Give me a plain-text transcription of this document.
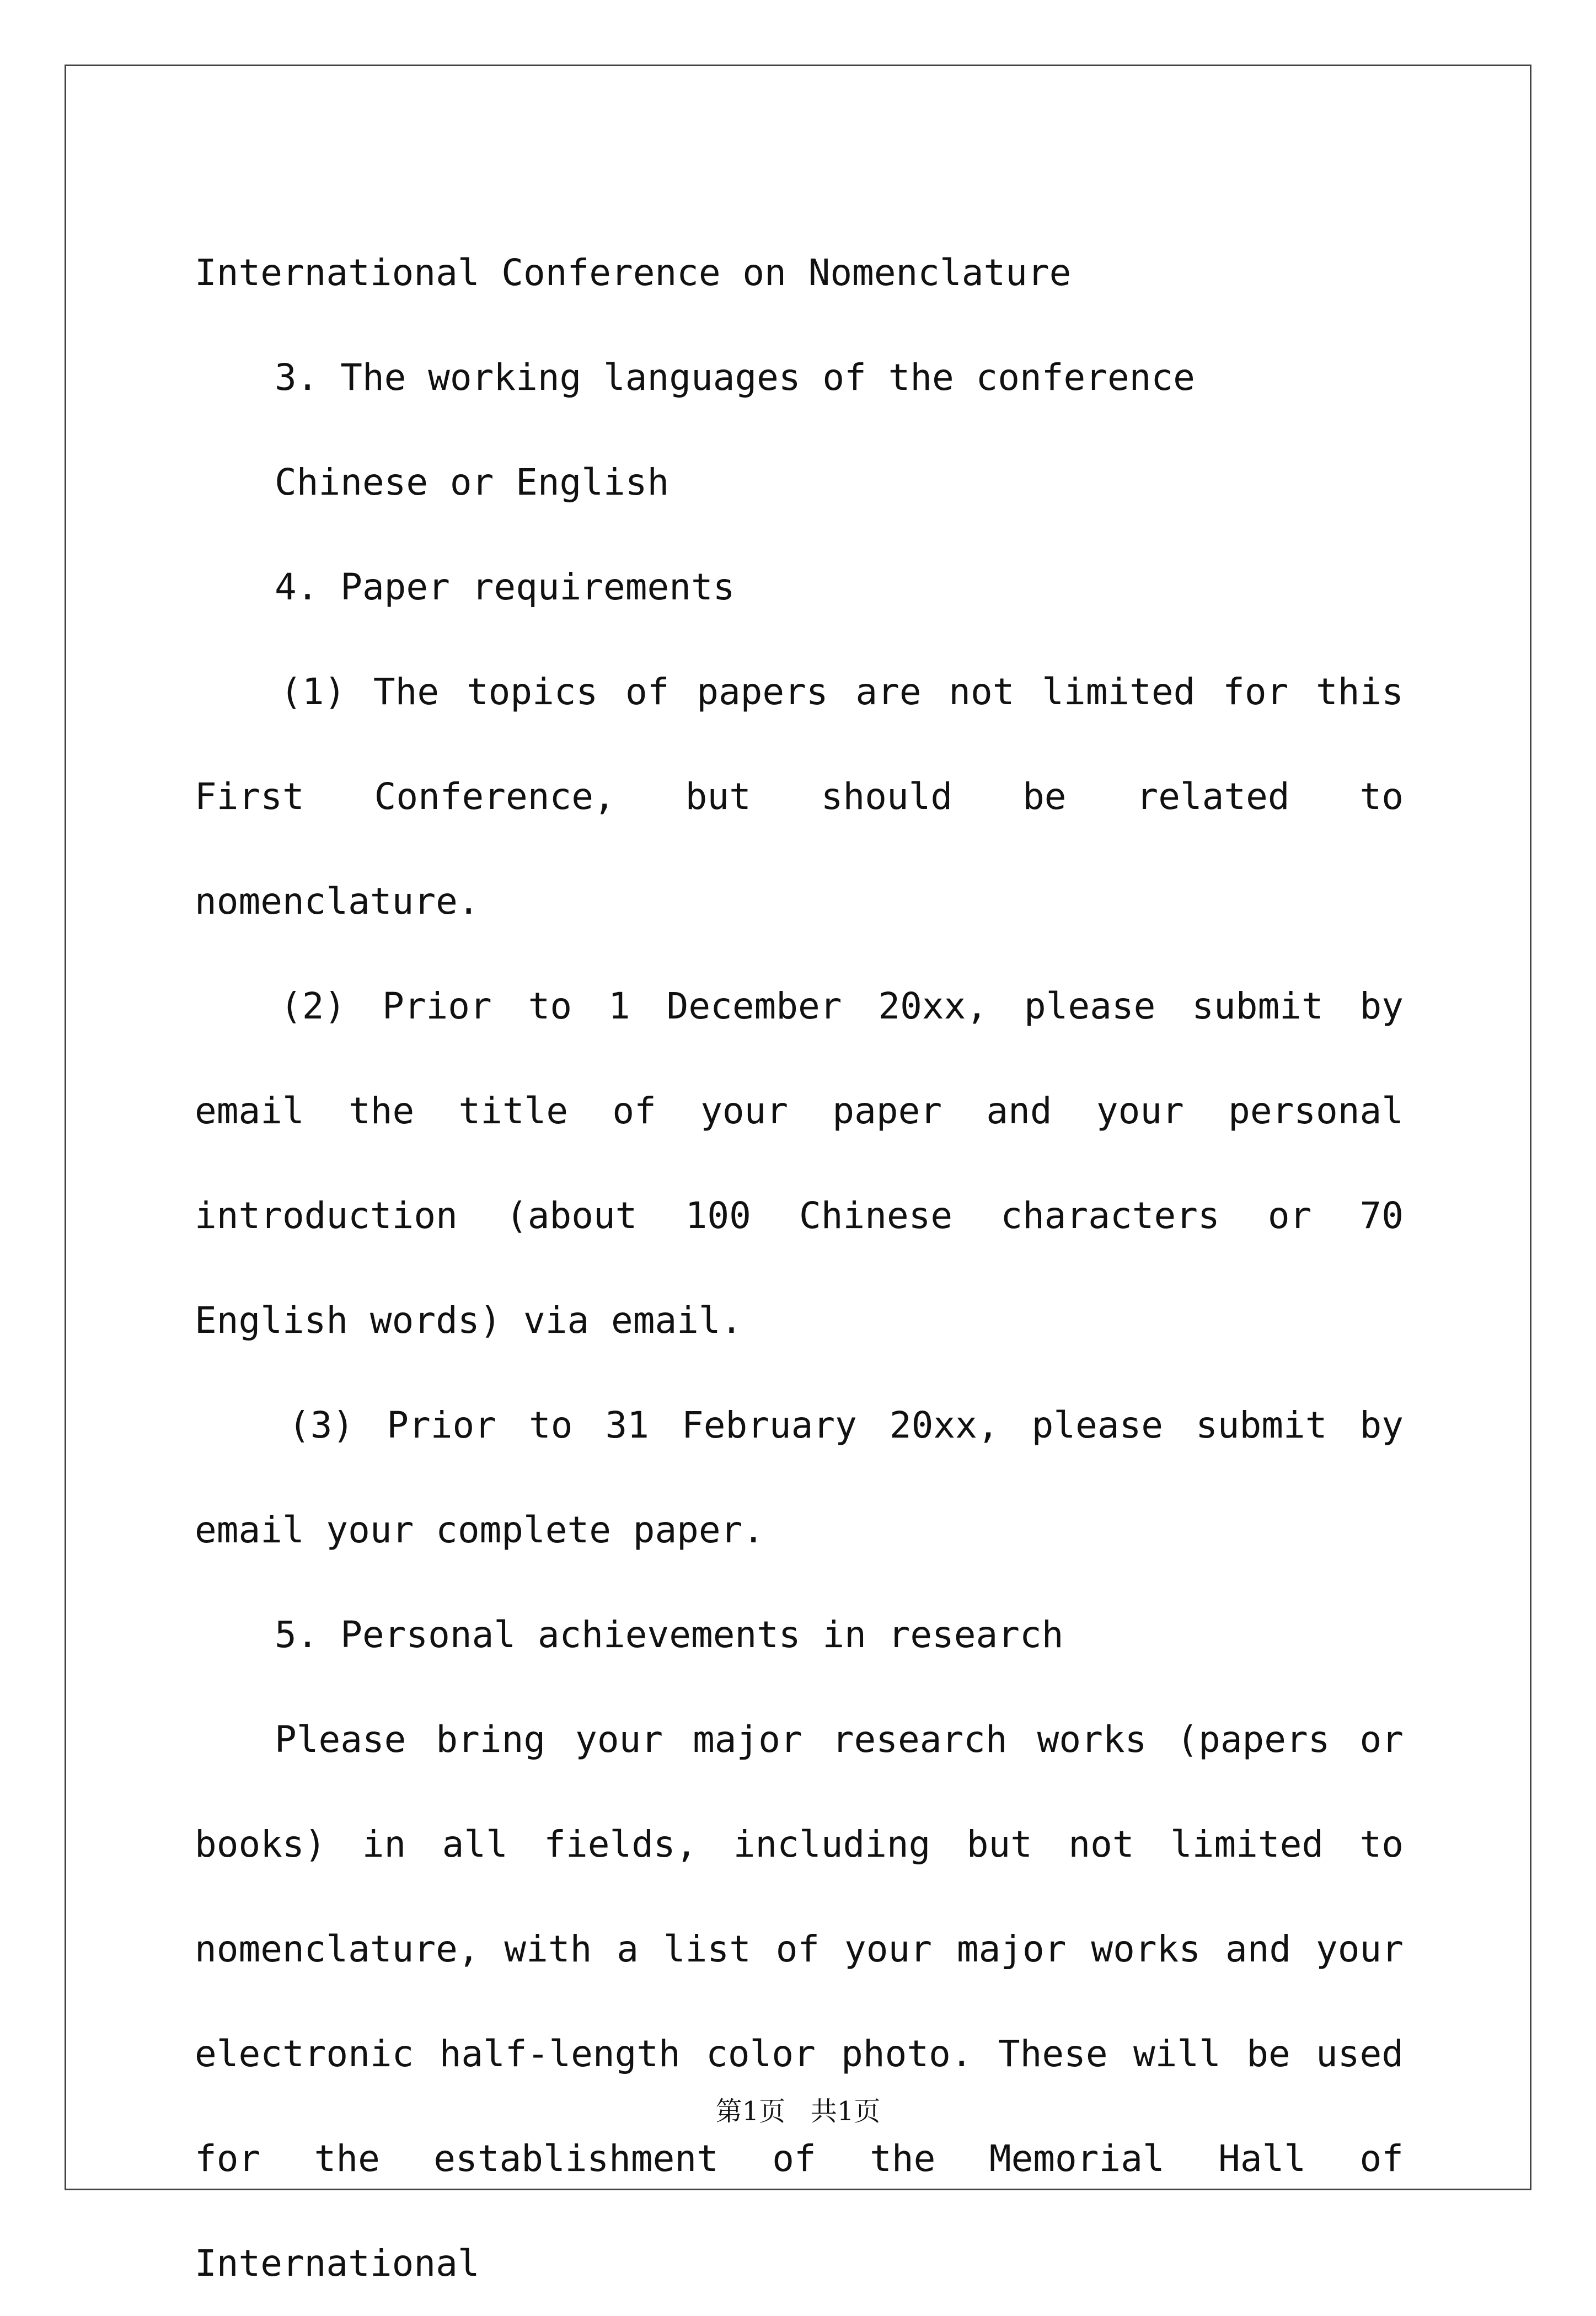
International Conference on Nomenclature

3. The working languages of the conference

Chinese or English

4. Paper requirements

(1) The topics of papers are not limited for this First Conference, but should be related to nomenclature.

(2) Prior to 1 December 20xx, please submit by email the title of your paper and your personal introduction (about 100 Chinese characters or 70 English words) via email.

(3) Prior to 31 February 20xx, please submit by email your complete paper.

5. Personal achievements in research

Please bring your major research works (papers or books) in all fields, including but not limited to nomenclature, with a list of your major works and your electronic half-length color photo. These will be used for the establishment of the Memorial Hall of International

第1页 共1页
